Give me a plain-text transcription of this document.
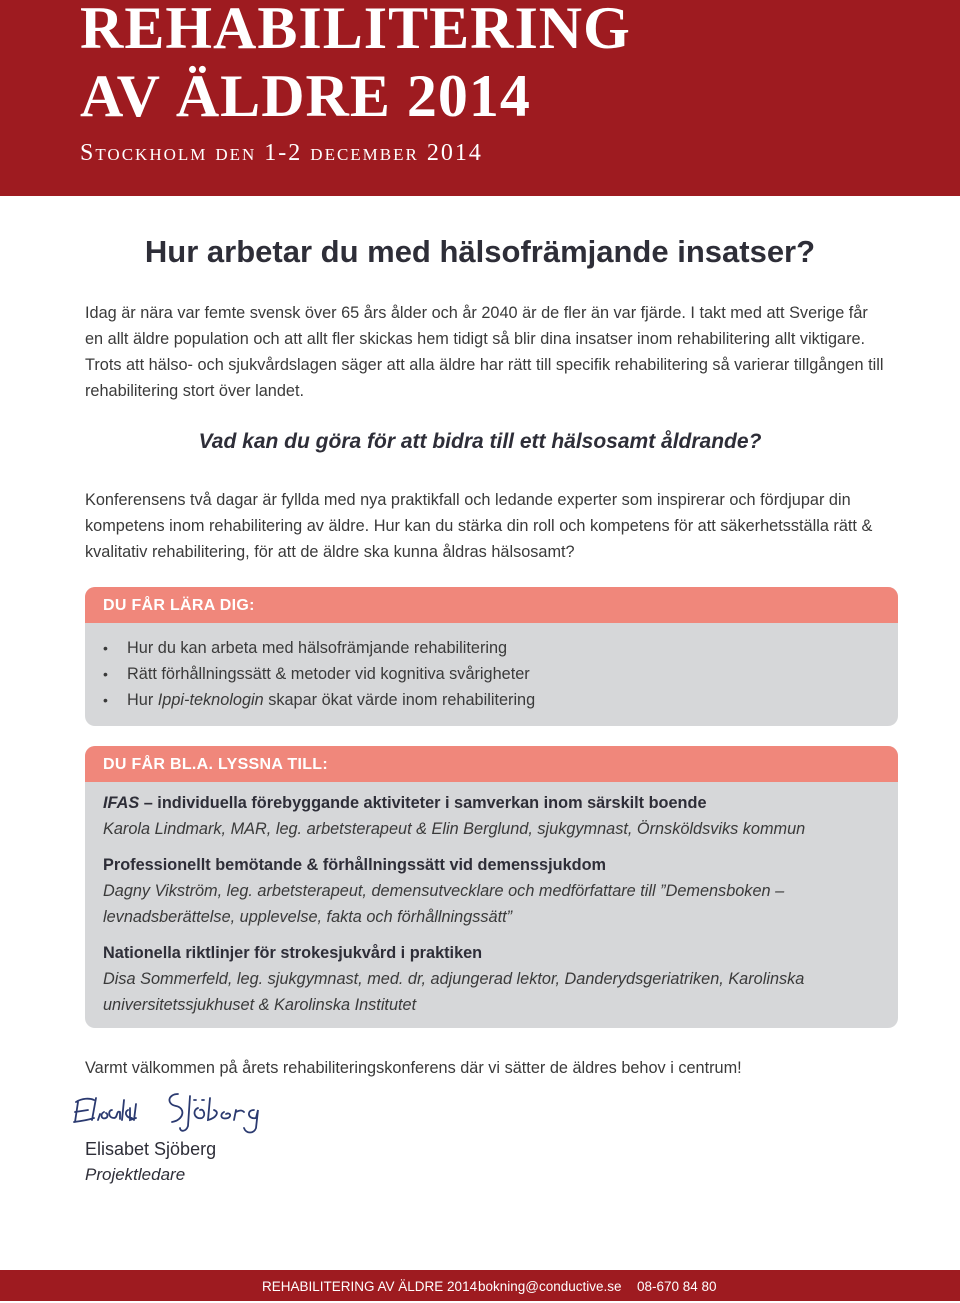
REHABILITERING
AV ÄLDRE 2014

Stockholm den 1-2 december 2014

Hur arbetar du med hälsofrämjande insatser?

Idag är nära var femte svensk över 65 års ålder och år 2040 är de fler än var fjärde. I takt med att Sverige får en allt äldre population och att allt fler skickas hem tidigt så blir dina insatser inom rehabilitering allt viktigare. Trots att hälso- och sjukvårdslagen säger att alla äldre har rätt till specifik rehabilitering så varierar tillgången till rehabilitering stort över landet.

Vad kan du göra för att bidra till ett hälsosamt åldrande?

Konferensens två dagar är fyllda med nya praktikfall och ledande experter som inspirerar och fördjupar din kompetens inom rehabilitering av äldre. Hur kan du stärka din roll och kompetens för att säkerhetsställa rätt & kvalitativ rehabilitering, för att de äldre ska kunna åldras hälsosamt?

DU FÅR LÄRA DIG:
• Hur du kan arbeta med hälsofrämjande rehabilitering
• Rätt förhållningssätt & metoder vid kognitiva svårigheter
• Hur Ippi-teknologin skapar ökat värde inom rehabilitering
DU FÅR BL.A. LYSSNA TILL:
IFAS – individuella förebyggande aktiviteter i samverkan inom särskilt boende
Karola Lindmark, MAR, leg. arbetsterapeut & Elin Berglund, sjukgymnast, Örnsköldsviks kommun
Professionellt bemötande & förhållningssätt vid demenssjukdom
Dagny Vikström, leg. arbetsterapeut, demensutvecklare och medförfattare till ”Demensboken – levnadsberättelse, upplevelse, fakta och förhållningssätt”
Nationella riktlinjer för strokesjukvård i praktiken
Disa Sommerfeld, leg. sjukgymnast, med. dr, adjungerad lektor, Danderydsgeriatriken, Karolinska universitetssjukhuset & Karolinska Institutet

Varmt välkommen på årets rehabiliteringskonferens där vi sätter de äldres behov i centrum!

Elisabet Sjöberg

Projektledare

REHABILITERING AV ÄLDRE 2014 bokning@conductive.se 08-670 84 80
